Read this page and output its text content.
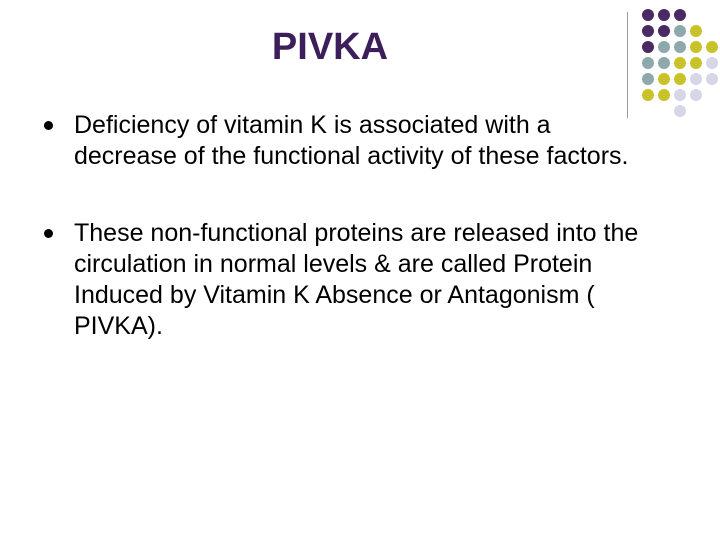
PIVKA
Deficiency of vitamin K is associated with a decrease of the functional activity of these factors.
These non-functional proteins are released into the circulation in normal levels & are called Protein Induced by Vitamin K Absence or Antagonism ( PIVKA).
